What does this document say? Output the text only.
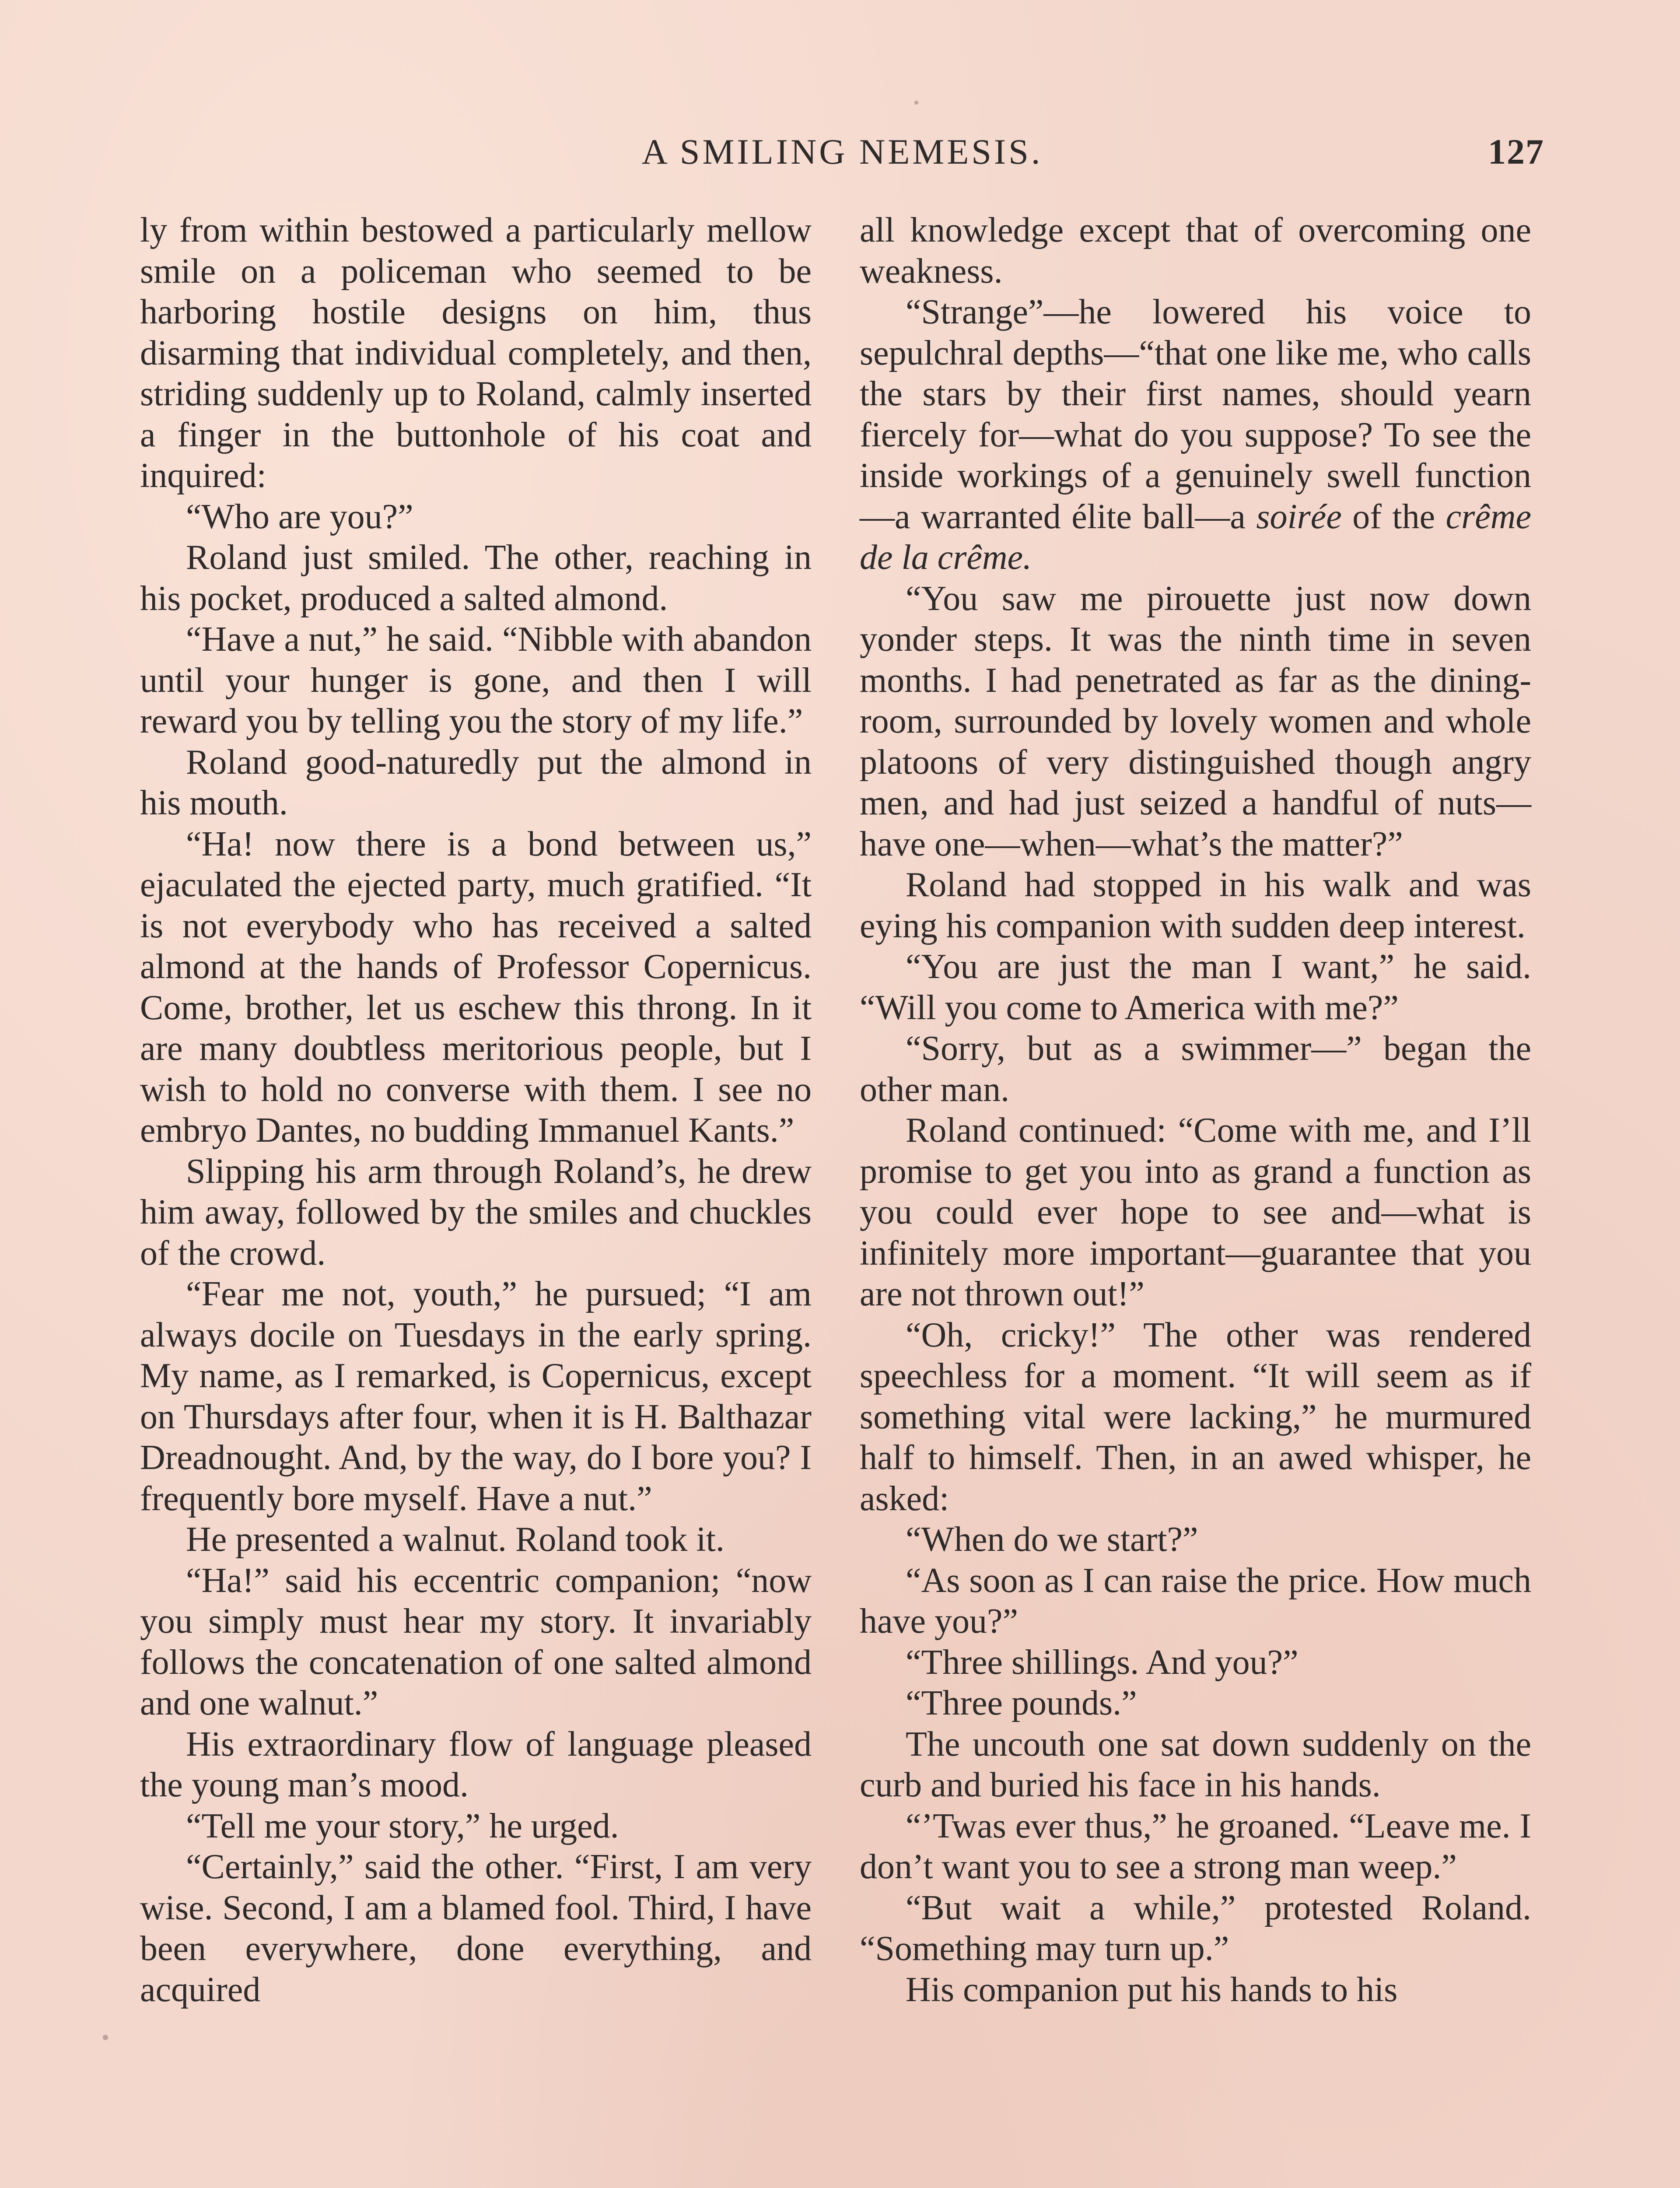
A SMILING NEMESIS.	127

ly from within bestowed a particularly mellow smile on a policeman who seemed to be harboring hostile designs on him, thus disarming that individual completely, and then, striding suddenly up to Roland, calmly inserted a finger in the buttonhole of his coat and inquired:

“Who are you?”

Roland just smiled. The other, reaching in his pocket, produced a salted almond.

“Have a nut,” he said. “Nibble with abandon until your hunger is gone, and then I will reward you by telling you the story of my life.”

Roland good-naturedly put the almond in his mouth.

“Ha! now there is a bond between us,” ejaculated the ejected party, much gratified. “It is not everybody who has received a salted almond at the hands of Professor Copernicus. Come, brother, let us eschew this throng. In it are many doubtless meritorious people, but I wish to hold no converse with them. I see no embryo Dantes, no budding Immanuel Kants.”

Slipping his arm through Roland’s, he drew him away, followed by the smiles and chuckles of the crowd.

“Fear me not, youth,” he pursued; “I am always docile on Tuesdays in the early spring. My name, as I remarked, is Copernicus, except on Thursdays after four, when it is H. Balthazar Dreadnought. And, by the way, do I bore you? I frequently bore myself. Have a nut.”

He presented a walnut. Roland took it.

“Ha!” said his eccentric companion; “now you simply must hear my story. It invariably follows the concatenation of one salted almond and one walnut.”

His extraordinary flow of language pleased the young man’s mood.

“Tell me your story,” he urged.

“Certainly,” said the other. “First, I am very wise. Second, I am a blamed fool. Third, I have been everywhere, done everything, and acquired

all knowledge except that of overcoming one weakness.

“Strange”—he lowered his voice to sepulchral depths—“that one like me, who calls the stars by their first names, should yearn fiercely for—what do you suppose? To see the inside workings of a genuinely swell function—a warranted élite ball—a soirée of the crême de la crême.

“You saw me pirouette just now down yonder steps. It was the ninth time in seven months. I had penetrated as far as the dining-room, surrounded by lovely women and whole platoons of very distinguished though angry men, and had just seized a handful of nuts—have one—when—what’s the matter?”

Roland had stopped in his walk and was eying his companion with sudden deep interest.

“You are just the man I want,” he said. “Will you come to America with me?”

“Sorry, but as a swimmer—” began the other man.

Roland continued: “Come with me, and I’ll promise to get you into as grand a function as you could ever hope to see and—what is infinitely more important—guarantee that you are not thrown out!”

“Oh, cricky!” The other was rendered speechless for a moment. “It will seem as if something vital were lacking,” he murmured half to himself. Then, in an awed whisper, he asked:

“When do we start?”

“As soon as I can raise the price. How much have you?”

“Three shillings. And you?”

“Three pounds.”

The uncouth one sat down suddenly on the curb and buried his face in his hands.

“’Twas ever thus,” he groaned. “Leave me. I don’t want you to see a strong man weep.”

“But wait a while,” protested Roland. “Something may turn up.”

His companion put his hands to his
